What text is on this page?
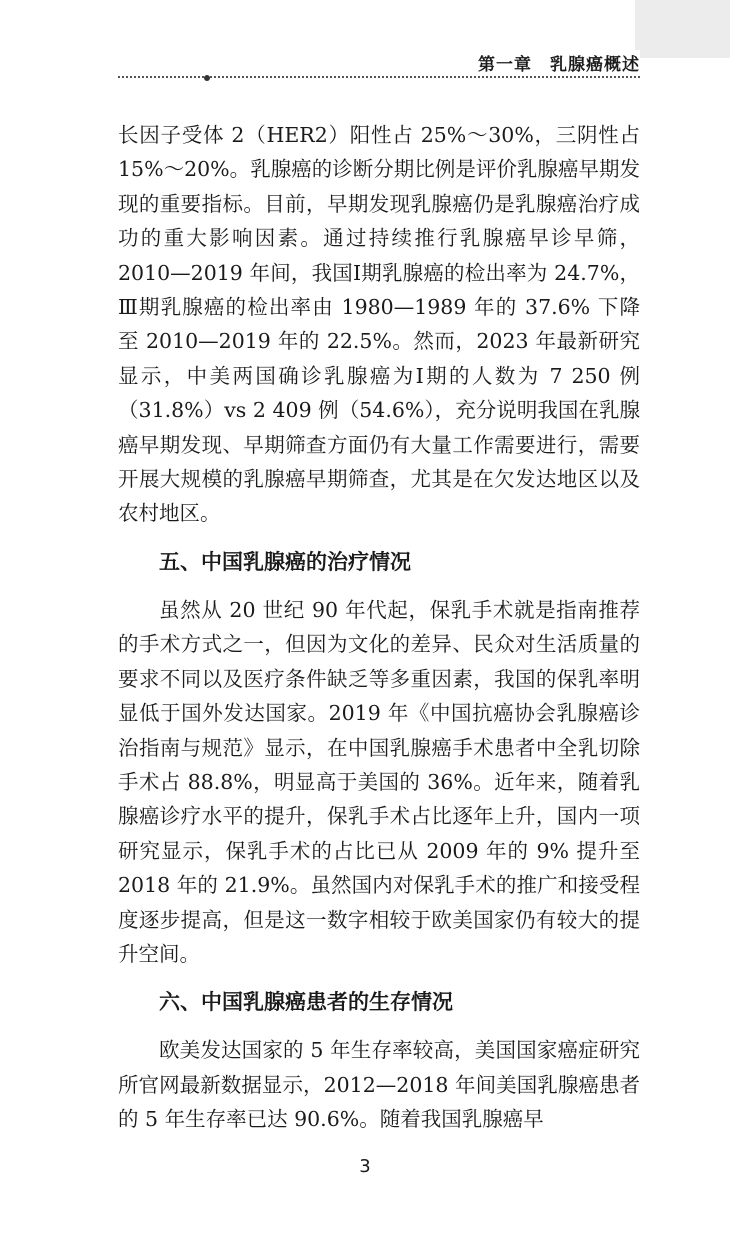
第一章　乳腺癌概述

长因子受体 2（HER2）阳性占 25%～30%，三阴性占 15%～20%。乳腺癌的诊断分期比例是评价乳腺癌早期发现的重要指标。目前，早期发现乳腺癌仍是乳腺癌治疗成功的重大影响因素。通过持续推行乳腺癌早诊早筛，2010—2019 年间，我国Ⅰ期乳腺癌的检出率为 24.7%，Ⅲ期乳腺癌的检出率由 1980—1989 年的 37.6% 下降至 2010—2019 年的 22.5%。然而，2023 年最新研究显示，中美两国确诊乳腺癌为Ⅰ期的人数为 7 250 例（31.8%）vs 2 409 例（54.6%），充分说明我国在乳腺癌早期发现、早期筛查方面仍有大量工作需要进行，需要开展大规模的乳腺癌早期筛查，尤其是在欠发达地区以及农村地区。

五、中国乳腺癌的治疗情况

虽然从 20 世纪 90 年代起，保乳手术就是指南推荐的手术方式之一，但因为文化的差异、民众对生活质量的要求不同以及医疗条件缺乏等多重因素，我国的保乳率明显低于国外发达国家。2019 年《中国抗癌协会乳腺癌诊治指南与规范》显示，在中国乳腺癌手术患者中全乳切除手术占 88.8%，明显高于美国的 36%。近年来，随着乳腺癌诊疗水平的提升，保乳手术占比逐年上升，国内一项研究显示，保乳手术的占比已从 2009 年的 9% 提升至 2018 年的 21.9%。虽然国内对保乳手术的推广和接受程度逐步提高，但是这一数字相较于欧美国家仍有较大的提升空间。

六、中国乳腺癌患者的生存情况

欧美发达国家的 5 年生存率较高，美国国家癌症研究所官网最新数据显示，2012—2018 年间美国乳腺癌患者的 5 年生存率已达 90.6%。随着我国乳腺癌早

3
